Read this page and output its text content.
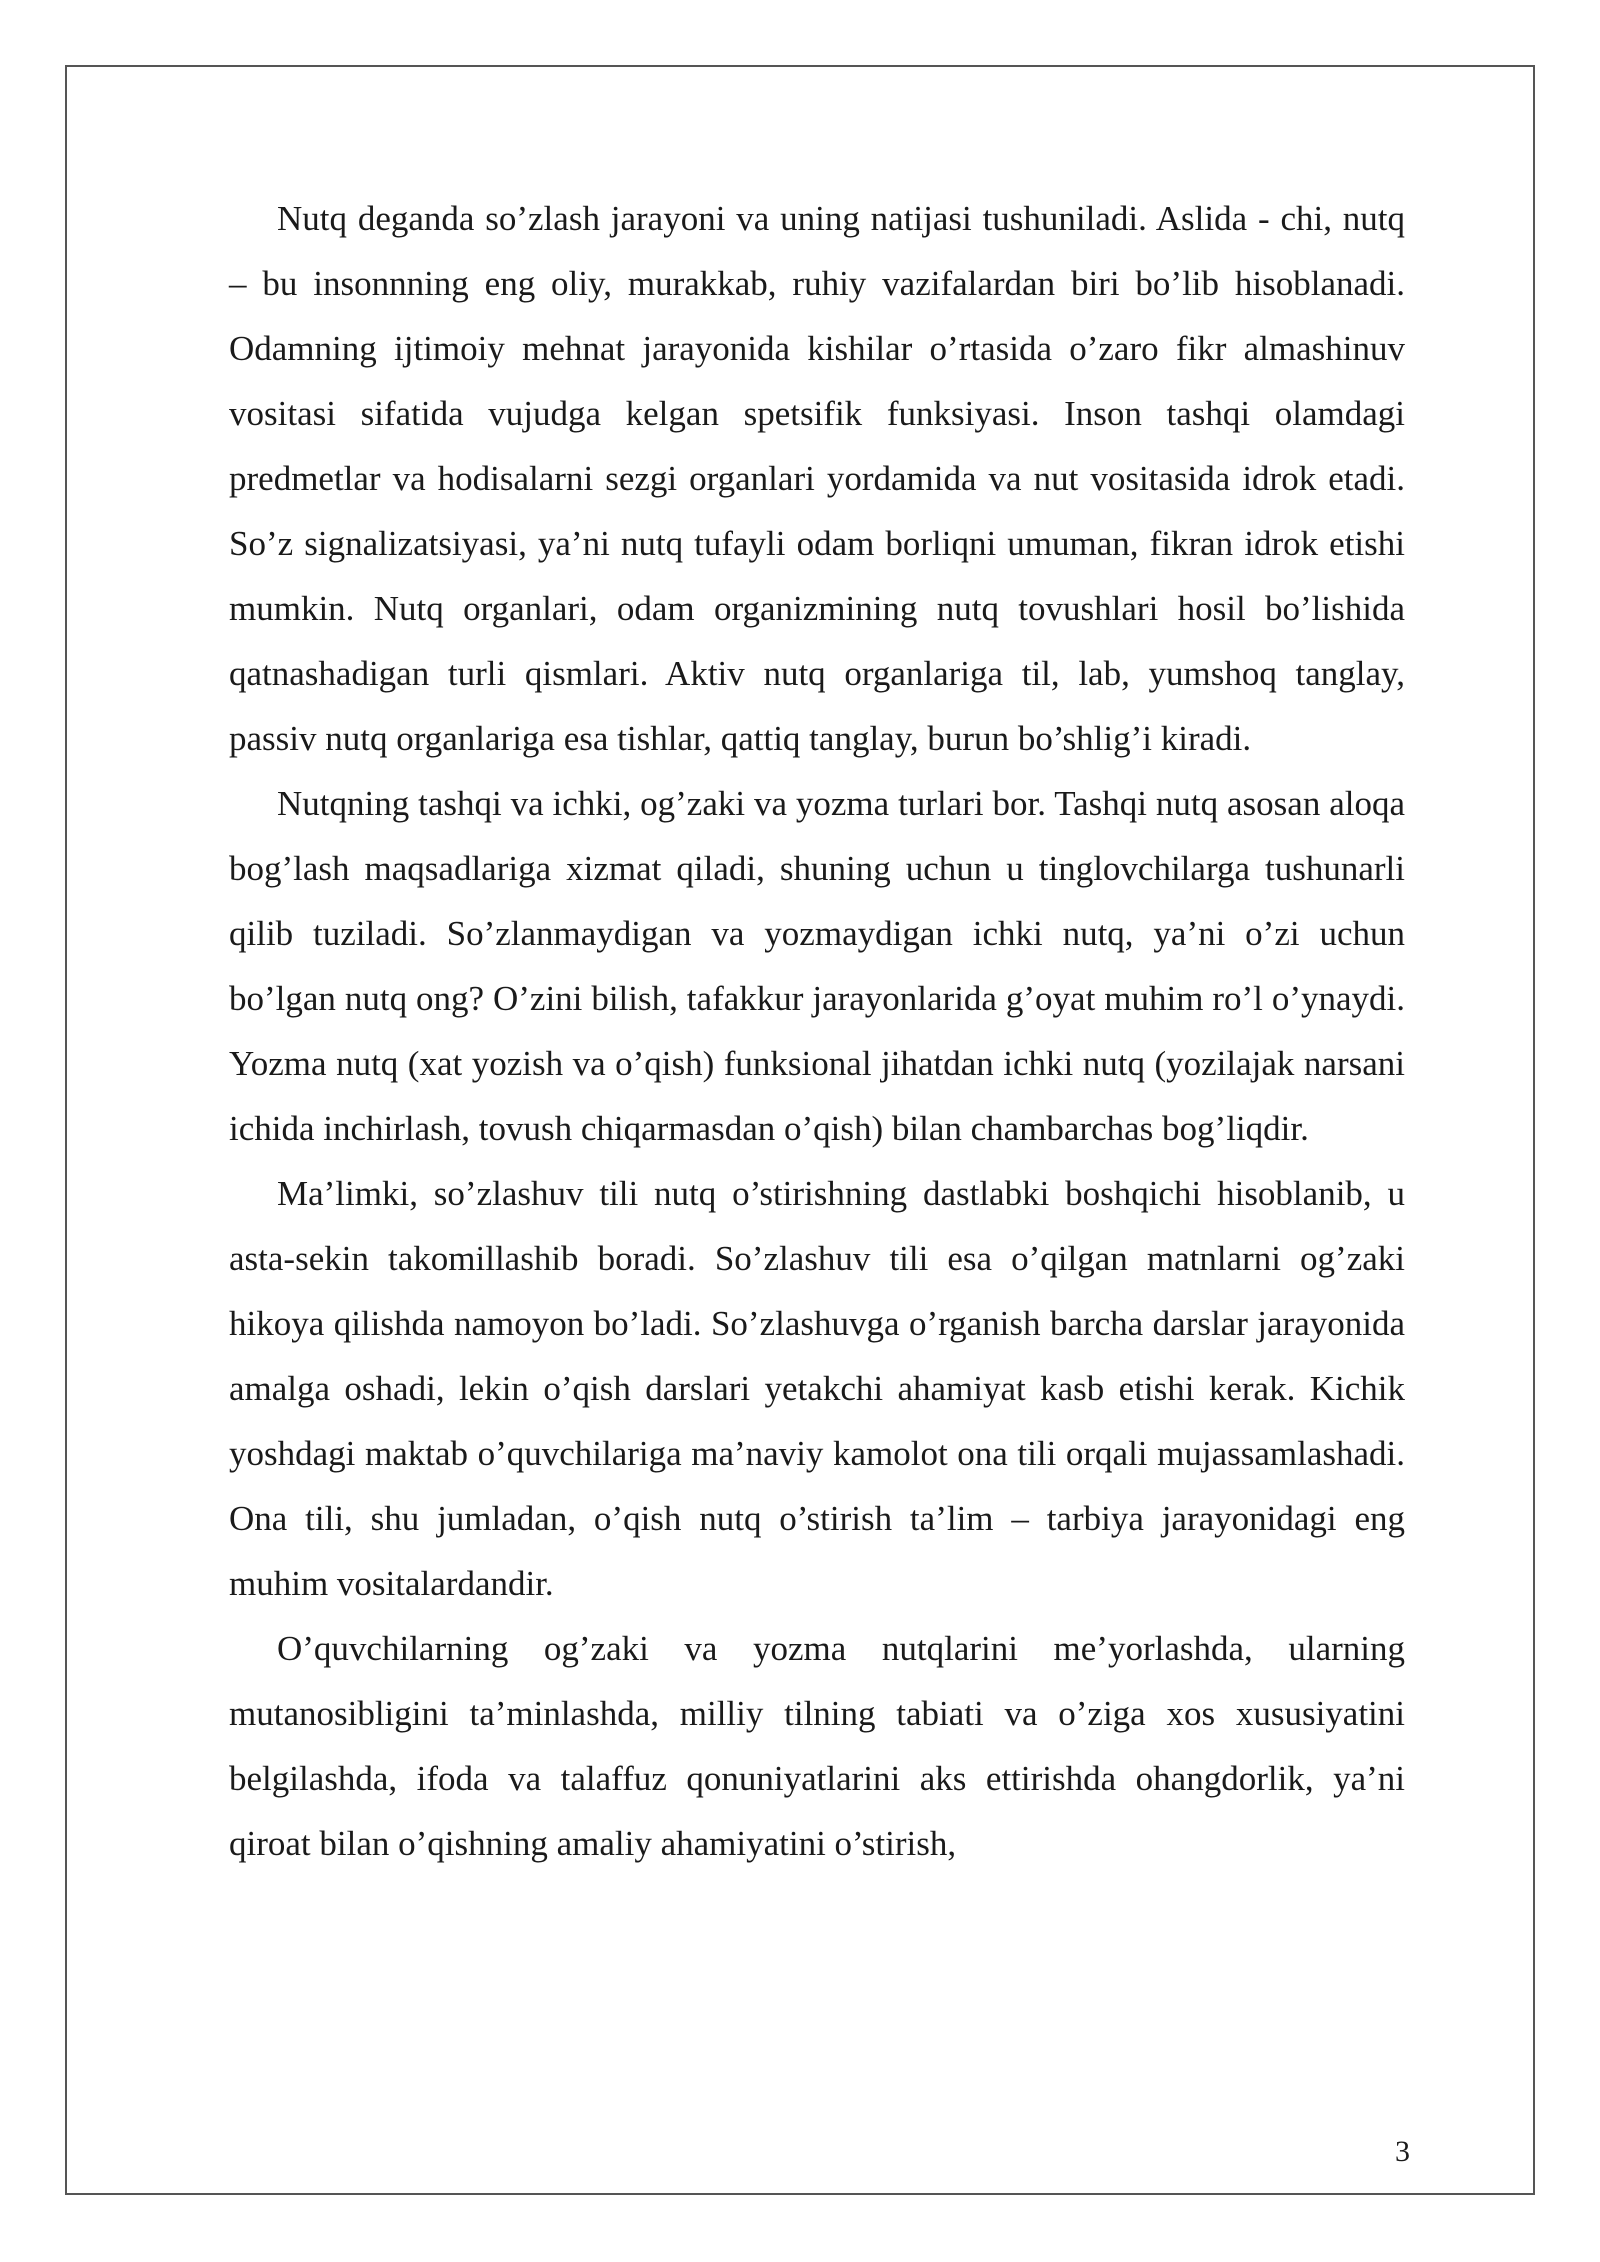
Nutq deganda so’zlash jarayoni va uning natijasi tushuniladi. Aslida - chi, nutq – bu insonnning eng oliy, murakkab, ruhiy vazifalardan biri bo’lib hisoblanadi. Odamning ijtimoiy mehnat jarayonida kishilar o’rtasida o’zaro fikr almashinuv vositasi sifatida vujudga kelgan spetsifik funksiyasi. Inson tashqi olamdagi predmetlar va hodisalarni sezgi organlari yordamida va nut vositasida idrok etadi. So’z signalizatsiyasi, ya’ni nutq tufayli odam borliqni umuman, fikran idrok etishi mumkin. Nutq organlari, odam organizmining nutq tovushlari hosil bo’lishida qatnashadigan turli qismlari. Aktiv nutq organlariga til, lab, yumshoq tanglay, passiv nutq organlariga esa tishlar, qattiq tanglay, burun bo’shlig’i kiradi.

Nutqning tashqi va ichki, og’zaki va yozma turlari bor. Tashqi nutq asosan aloqa bog’lash maqsadlariga xizmat qiladi, shuning uchun u tinglovchilarga tushunarli qilib tuziladi. So’zlanmaydigan va yozmaydigan ichki nutq, ya’ni o’zi uchun bo’lgan nutq ong? O’zini bilish, tafakkur jarayonlarida g’oyat muhim ro’l o’ynaydi. Yozma nutq (xat yozish va o’qish) funksional jihatdan ichki nutq (yozilajak narsani ichida inchirlash, tovush chiqarmasdan o’qish) bilan chambarchas bog’liqdir.

Ma’limki, so’zlashuv tili nutq o’stirishning dastlabki boshqichi hisoblanib, u asta-sekin takomillashib boradi. So’zlashuv tili esa o’qilgan matnlarni og’zaki hikoya qilishda namoyon bo’ladi. So’zlashuvga o’rganish barcha darslar jarayonida amalga oshadi, lekin o’qish darslari yetakchi ahamiyat kasb etishi kerak. Kichik yoshdagi maktab o’quvchilariga ma’naviy kamolot ona tili orqali mujassamlashadi. Ona tili, shu jumladan, o’qish nutq o’stirish ta’lim – tarbiya jarayonidagi eng muhim vositalardandir.

O’quvchilarning og’zaki va yozma nutqlarini me’yorlashda, ularning mutanosibligini ta’minlashda, milliy tilning tabiati va o’ziga xos xususiyatini belgilashda, ifoda va talaffuz qonuniyatlarini aks ettirishda ohangdorlik, ya’ni qiroat bilan o’qishning amaliy ahamiyatini o’stirish,

3
